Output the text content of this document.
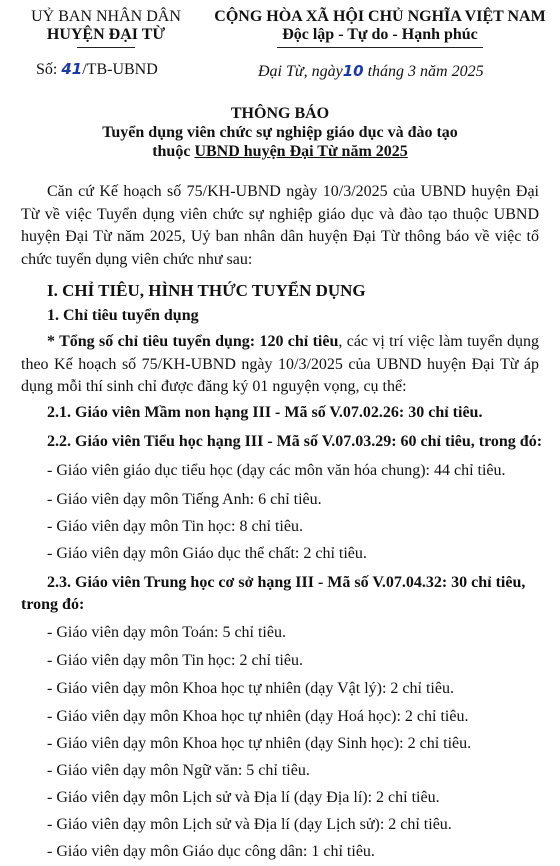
UỶ BAN NHÂN DÂN
HUYỆN ĐẠI TỪ
CỘNG HÒA XÃ HỘI CHỦ NGHĨA VIỆT NAM
Độc lập - Tự do - Hạnh phúc
Số: 41/TB-UBND	Đại Từ, ngày10 tháng 3 năm 2025
THÔNG BÁO
Tuyển dụng viên chức sự nghiệp giáo dục và đào tạo
thuộc UBND huyện Đại Từ năm 2025
Căn cứ Kế hoạch số 75/KH-UBND ngày 10/3/2025 của UBND huyện Đại Từ về việc Tuyển dụng viên chức sự nghiệp giáo dục và đào tạo thuộc UBND huyện Đại Từ năm 2025, Uỷ ban nhân dân huyện Đại Từ thông báo về việc tổ chức tuyển dụng viên chức như sau:
I. CHỈ TIÊU, HÌNH THỨC TUYỂN DỤNG
1. Chỉ tiêu tuyển dụng
* Tổng số chỉ tiêu tuyển dụng: 120 chỉ tiêu, các vị trí việc làm tuyển dụng theo Kế hoạch số 75/KH-UBND ngày 10/3/2025 của UBND huyện Đại Từ áp dụng mỗi thí sinh chỉ được đăng ký 01 nguyện vọng, cụ thể:
2.1. Giáo viên Mầm non hạng III - Mã số V.07.02.26: 30 chỉ tiêu.
2.2. Giáo viên Tiểu học hạng III - Mã số V.07.03.29: 60 chỉ tiêu, trong đó:
- Giáo viên giáo dục tiểu học (dạy các môn văn hóa chung): 44 chỉ tiêu.
- Giáo viên dạy môn Tiếng Anh: 6 chỉ tiêu.
- Giáo viên dạy môn Tin học: 8 chỉ tiêu.
- Giáo viên dạy môn Giáo dục thể chất: 2 chỉ tiêu.
2.3. Giáo viên Trung học cơ sở hạng III - Mã số V.07.04.32: 30 chỉ tiêu,
trong đó:
- Giáo viên dạy môn Toán: 5 chỉ tiêu.
- Giáo viên dạy môn Tin học: 2 chỉ tiêu.
- Giáo viên dạy môn Khoa học tự nhiên (dạy Vật lý): 2 chỉ tiêu.
- Giáo viên dạy môn Khoa học tự nhiên (dạy Hoá học): 2 chỉ tiêu.
- Giáo viên dạy môn Khoa học tự nhiên (dạy Sinh học): 2 chỉ tiêu.
- Giáo viên dạy môn Ngữ văn: 5 chỉ tiêu.
- Giáo viên dạy môn Lịch sử và Địa lí (dạy Địa lí): 2 chỉ tiêu.
- Giáo viên dạy môn Lịch sử và Địa lí (dạy Lịch sử): 2 chỉ tiêu.
- Giáo viên dạy môn Giáo dục công dân: 1 chỉ tiêu.
